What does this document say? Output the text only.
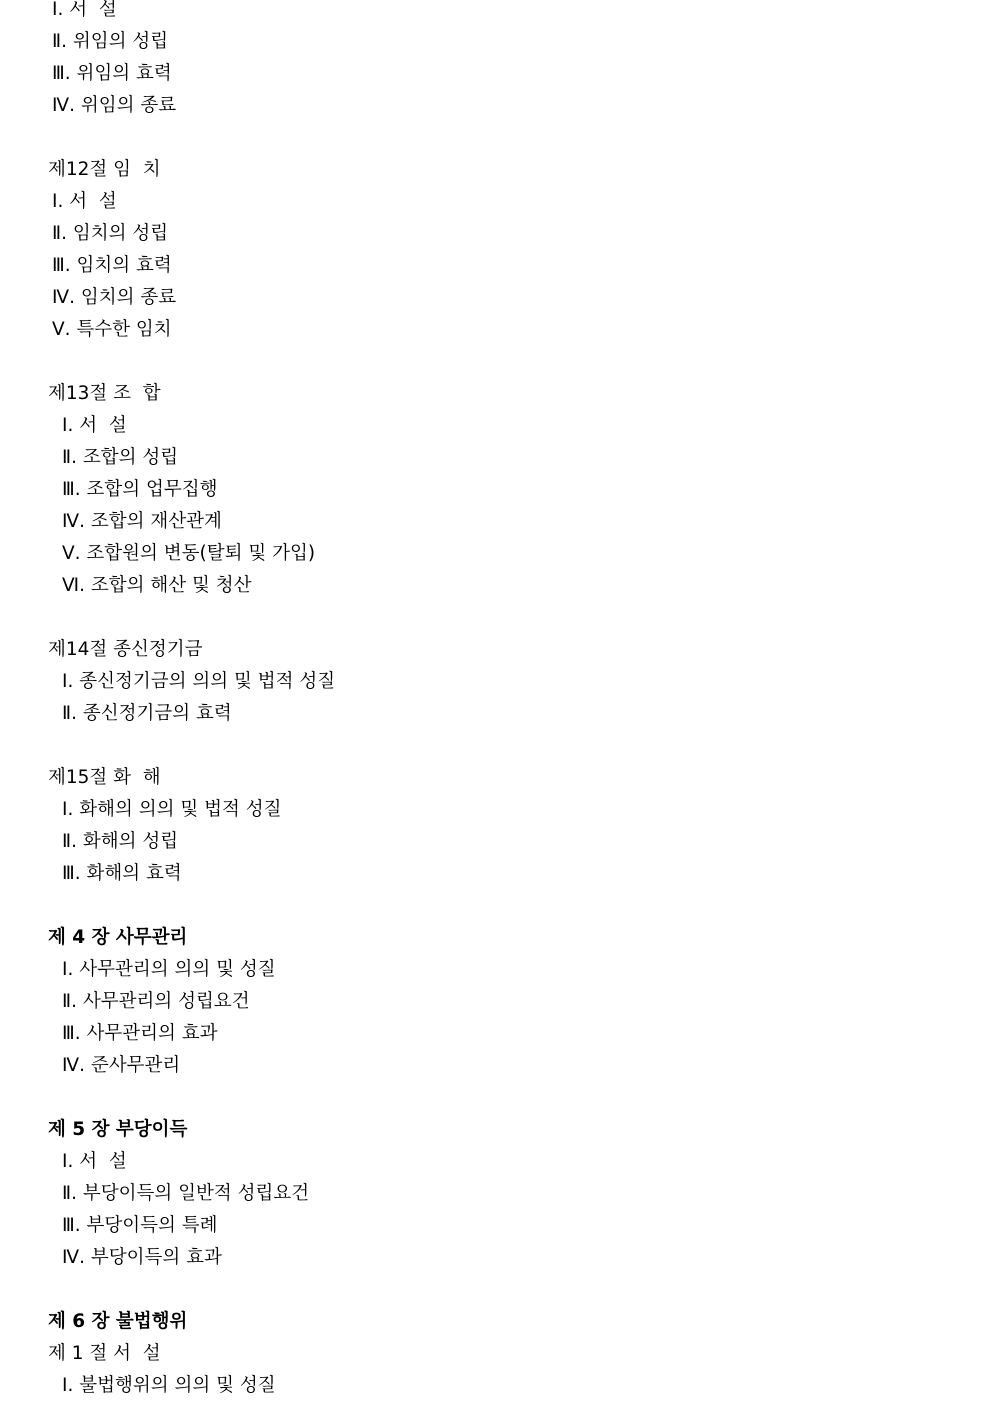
Ⅰ. 서  설
Ⅱ. 위임의 성립
Ⅲ. 위임의 효력
Ⅳ. 위임의 종료
제12절 임  치
Ⅰ. 서  설
Ⅱ. 임치의 성립
Ⅲ. 임치의 효력
Ⅳ. 임치의 종료
Ⅴ. 특수한 임치
제13절 조  합
Ⅰ. 서  설
Ⅱ. 조합의 성립
Ⅲ. 조합의 업무집행
Ⅳ. 조합의 재산관계
Ⅴ. 조합원의 변동(탈퇴 및 가입)
Ⅵ. 조합의 해산 및 청산
제14절 종신정기금
Ⅰ. 종신정기금의 의의 및 법적 성질
Ⅱ. 종신정기금의 효력
제15절 화  해
Ⅰ. 화해의 의의 및 법적 성질
Ⅱ. 화해의 성립
Ⅲ. 화해의 효력
제 4 장 사무관리
Ⅰ. 사무관리의 의의 및 성질
Ⅱ. 사무관리의 성립요건
Ⅲ. 사무관리의 효과
Ⅳ. 준사무관리
제 5 장 부당이득
Ⅰ. 서  설
Ⅱ. 부당이득의 일반적 성립요건
Ⅲ. 부당이득의 특례
Ⅳ. 부당이득의 효과
제 6 장 불법행위
제 1 절 서  설
Ⅰ. 불법행위의 의의 및 성질
